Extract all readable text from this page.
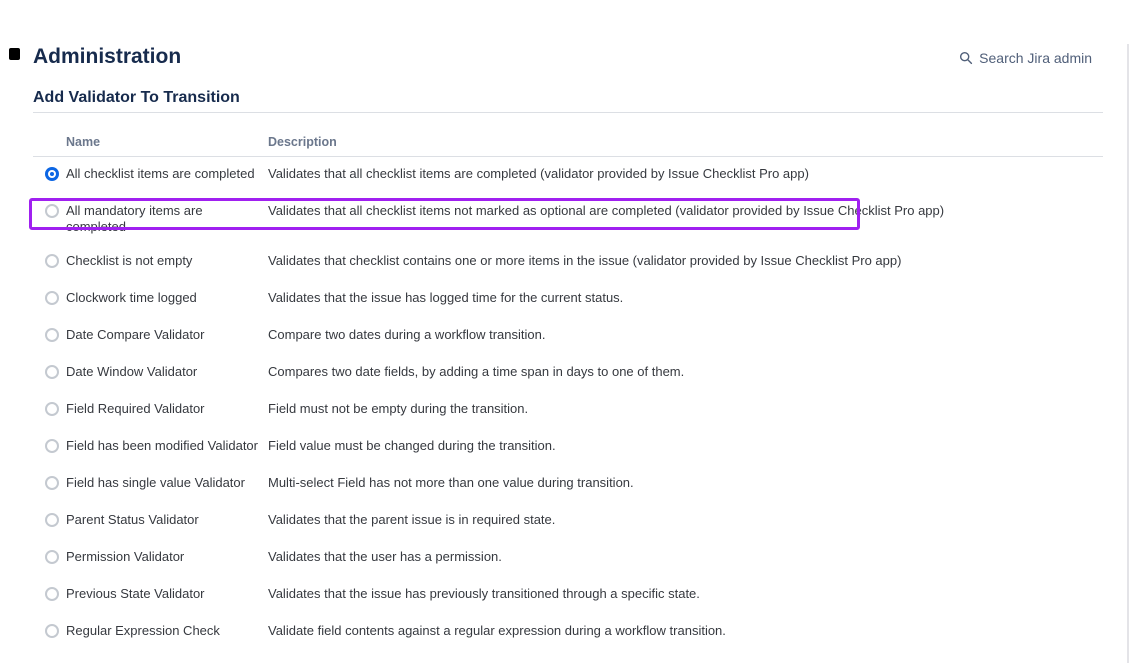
Administration	Search Jira admin
Add Validator To Transition
	Name	Description

	All checklist items are completed	Validates that all checklist items are completed (validator provided by Issue Checklist Pro app)
	All mandatory items are
completed	Validates that all checklist items not marked as optional are completed (validator provided by Issue Checklist Pro app)
	Checklist is not empty	Validates that checklist contains one or more items in the issue (validator provided by Issue Checklist Pro app)
	Clockwork time logged	Validates that the issue has logged time for the current status.
	Date Compare Validator	Compare two dates during a workflow transition.
	Date Window Validator	Compares two date fields, by adding a time span in days to one of them.
	Field Required Validator	Field must not be empty during the transition.
	Field has been modified Validator	Field value must be changed during the transition.
	Field has single value Validator	Multi-select Field has not more than one value during transition.
	Parent Status Validator	Validates that the parent issue is in required state.
	Permission Validator	Validates that the user has a permission.
	Previous State Validator	Validates that the issue has previously transitioned through a specific state.
	Regular Expression Check	Validate field contents against a regular expression during a workflow transition.
